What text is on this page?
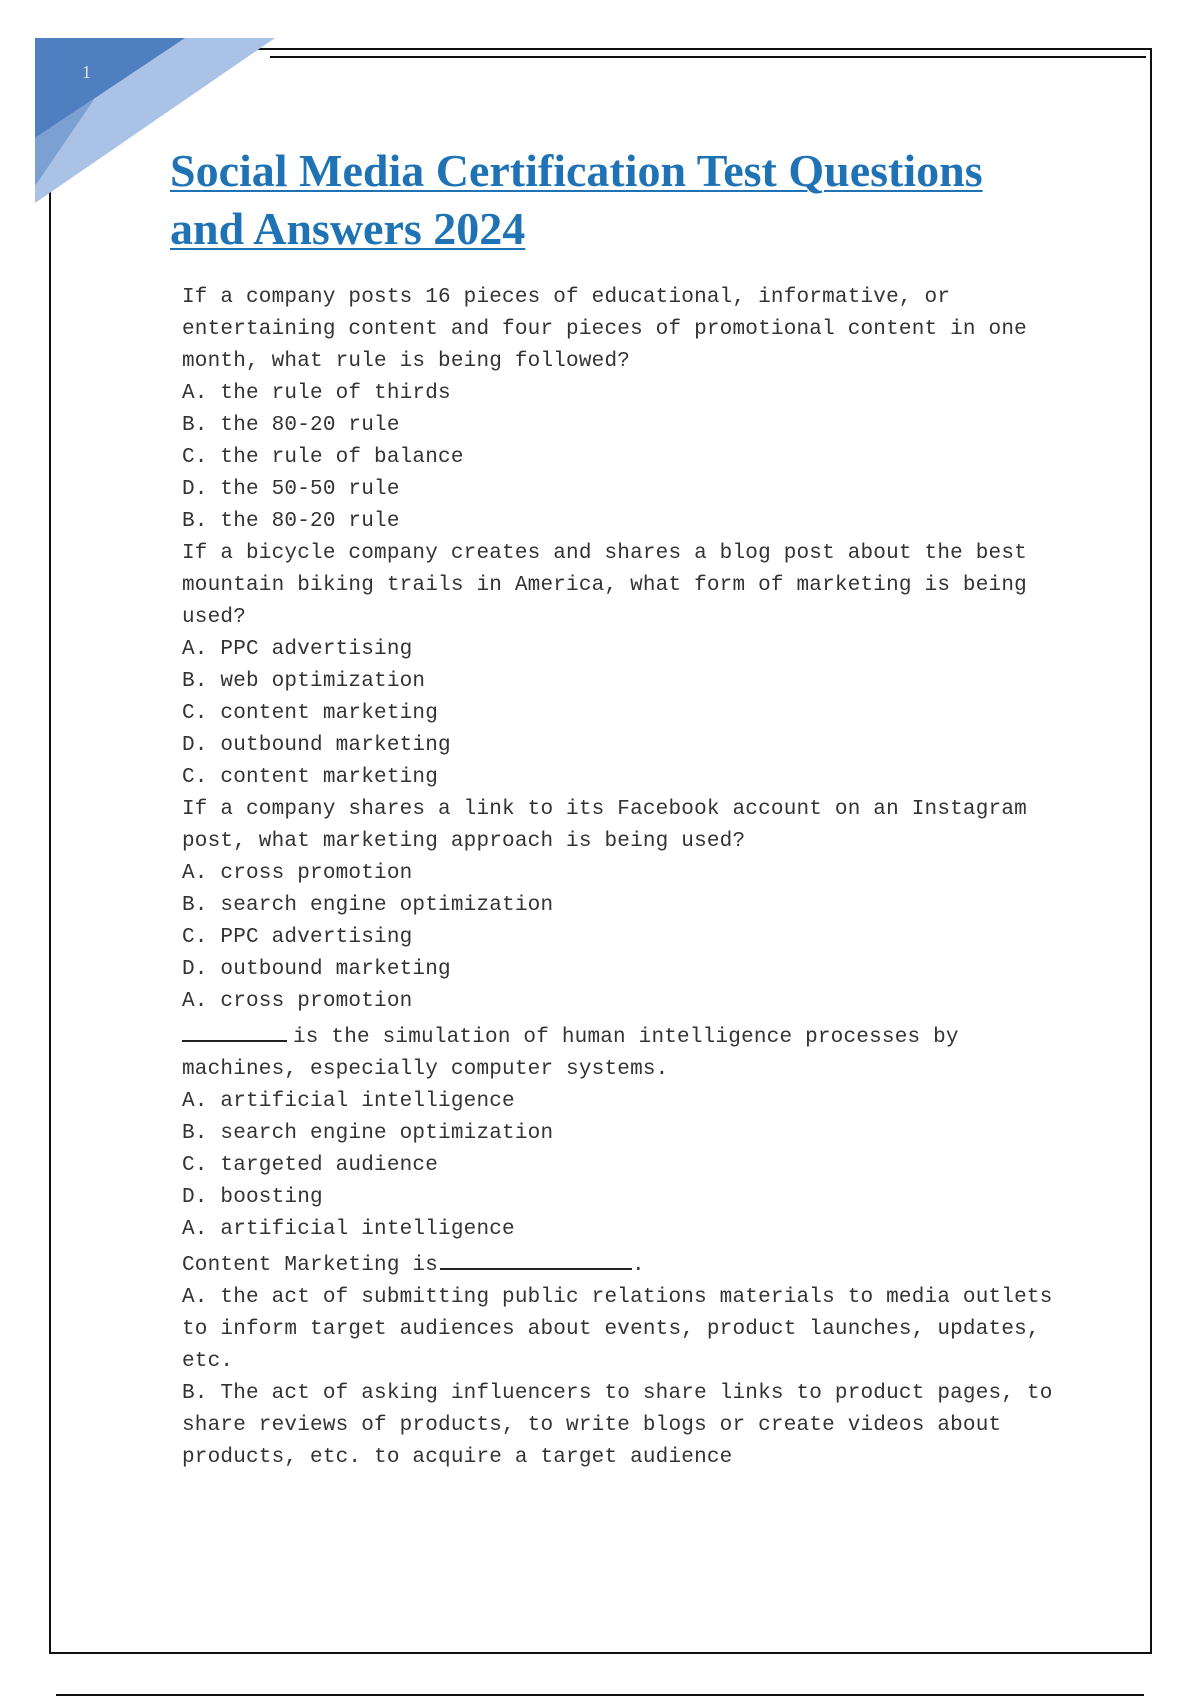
1
Social Media Certification Test Questions
and Answers 2024
If a company posts 16 pieces of educational, informative, or
entertaining content and four pieces of promotional content in one
month, what rule is being followed?
A. the rule of thirds
B. the 80-20 rule
C. the rule of balance
D. the 50-50 rule
B. the 80-20 rule
If a bicycle company creates and shares a blog post about the best
mountain biking trails in America, what form of marketing is being
used?
A. PPC advertising
B. web optimization
C. content marketing
D. outbound marketing
C. content marketing
If a company shares a link to its Facebook account on an Instagram
post, what marketing approach is being used?
A. cross promotion
B. search engine optimization
C. PPC advertising
D. outbound marketing
A. cross promotion
is the simulation of human intelligence processes by
machines, especially computer systems.
A. artificial intelligence
B. search engine optimization
C. targeted audience
D. boosting
A. artificial intelligence
Content Marketing is	.
A. the act of submitting public relations materials to media outlets
to inform target audiences about events, product launches, updates,
etc.
B. The act of asking influencers to share links to product pages, to
share reviews of products, to write blogs or create videos about
products, etc. to acquire a target audience
